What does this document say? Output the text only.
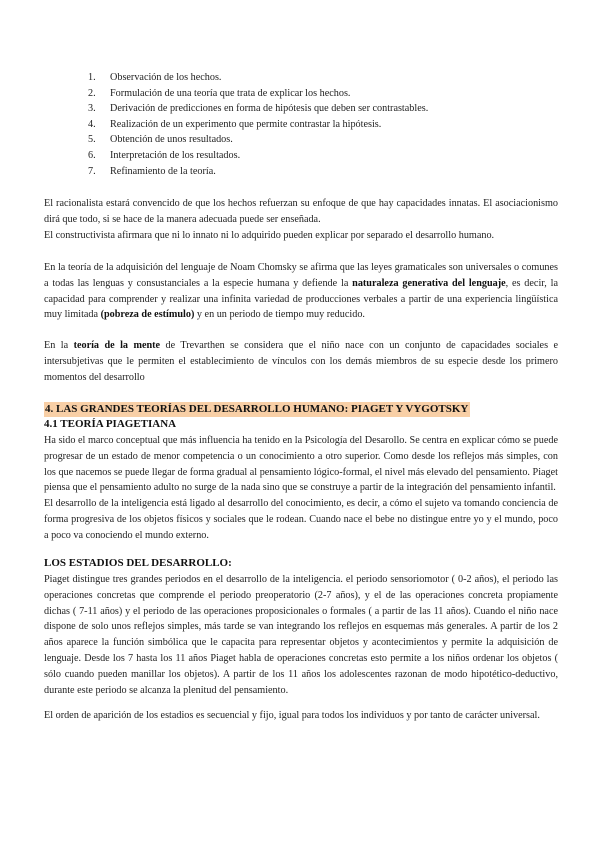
1. Observación de los hechos.
2. Formulación de una teoría que trata de explicar los hechos.
3. Derivación de predicciones en forma de hipótesis que deben ser contrastables.
4. Realización de un experimento que permite contrastar la hipótesis.
5. Obtención de unos resultados.
6. Interpretación de los resultados.
7. Refinamiento de la teoría.

El racionalista estará convencido de que los hechos refuerzan su enfoque de que hay capacidades innatas. El asociacionismo dirá que todo, si se hace de la manera adecuada puede ser enseñada.

El constructivista afirmara que ni lo innato ni lo adquirido pueden explicar por separado el desarrollo humano.

En la teoría de la adquisición del lenguaje de Noam Chomsky se afirma que las leyes gramaticales son universales o comunes a todas las lenguas y consustanciales a la especie humana y defiende la naturaleza generativa del lenguaje, es decir, la capacidad para comprender y realizar una infinita variedad de producciones verbales a partir de una experiencia lingüística muy limitada (pobreza de estímulo) y en un periodo de tiempo muy reducido.

En la teoría de la mente de Trevarthen se considera que el niño nace con un conjunto de capacidades sociales e intersubjetivas que le permiten el establecimiento de vínculos con los demás miembros de su especie desde los primero momentos del desarrollo

4. LAS GRANDES TEORÍAS DEL DESARROLLO HUMANO: PIAGET Y VYGOTSKY
4.1 TEORÍA PIAGETIANA

Ha sido el marco conceptual que más influencia ha tenido en la Psicología del Desarollo. Se centra en explicar cómo se puede progresar de un estado de menor competencia o un conocimiento a otro superior. Como desde los reflejos más simples, con los que nacemos se puede llegar de forma gradual al pensamiento lógico-formal, el nivel más elevado del pensamiento. Piaget piensa que el pensamiento adulto no surge de la nada sino que se construye a partir de la integración del pensamiento infantil.

El desarrollo de la inteligencia está ligado al desarrollo del conocimiento, es decir, a cómo el sujeto va tomando conciencia de forma progresiva de los objetos físicos y sociales que le rodean. Cuando nace el bebe no distingue entre yo y el mundo, poco a poco va conociendo el mundo externo.

LOS ESTADIOS DEL DESARROLLO:

Piaget distingue tres grandes periodos en el desarrollo de la inteligencia. el periodo sensoriomotor ( 0-2 años), el periodo las operaciones concretas que comprende el periodo preoperatorio (2-7 años), y el de las operaciones concreta propiamente dichas ( 7-11 años) y el periodo de las operaciones proposicionales o formales ( a partir de las 11 años). Cuando el niño nace dispone de solo unos reflejos simples, más tarde se van integrando los reflejos en esquemas más generales. A partir de los 2 años aparece la función simbólica que le capacita para representar objetos y acontecimientos y permite la adquisición de lenguaje. Desde los 7 hasta los 11 años Piaget habla de operaciones concretas esto permite a los niños ordenar los objetos ( sólo cuando pueden manillar los objetos). A partir de los 11 años los adolescentes razonan de modo hipotético-deductivo, durante este periodo se alcanza la plenitud del pensamiento.

El orden de aparición de los estadios es secuencial y fijo, igual para todos los individuos y por tanto de carácter universal.
